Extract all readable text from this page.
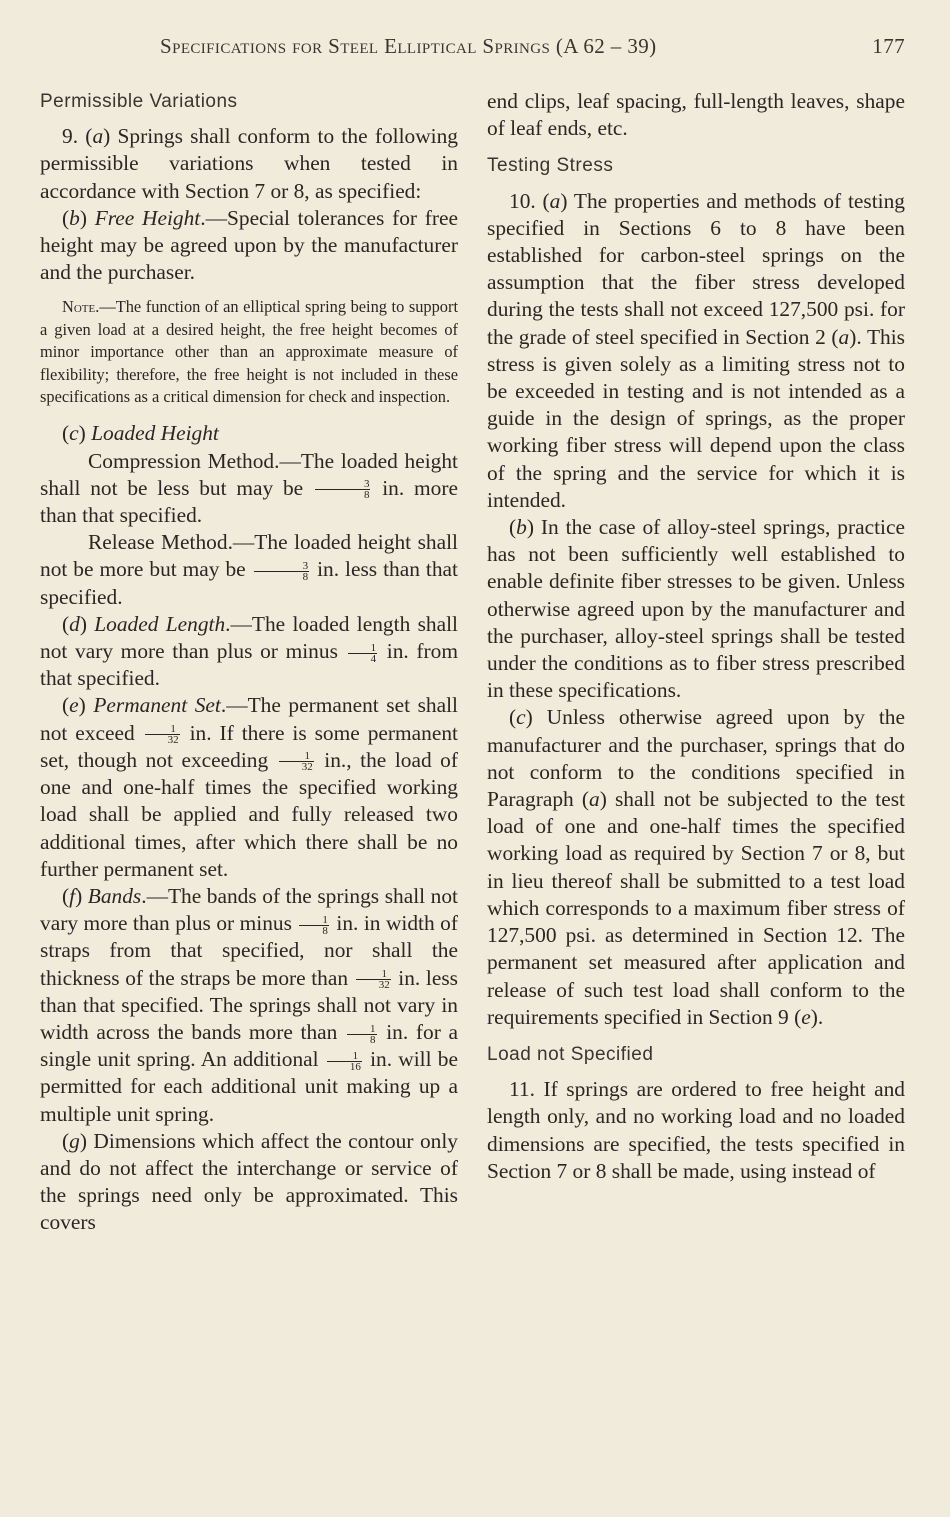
Specifications for Steel Elliptical Springs (A 62 – 39)	177
Permissible Variations

9. (a) Springs shall conform to the following permissible variations when tested in accordance with Section 7 or 8, as specified:

(b) Free Height.—Special tolerances for free height may be agreed upon by the manufacturer and the purchaser.

Note.—The function of an elliptical spring being to support a given load at a desired height, the free height becomes of minor importance other than an approximate measure of flexibility; therefore, the free height is not included in these specifications as a critical dimension for check and inspection.

(c) Loaded Height

Compression Method.—The loaded height shall not be less but may be $\frac{3}{8}$ in. more than that specified.

Release Method.—The loaded height shall not be more but may be $\frac{3}{8}$ in. less than that specified.

(d) Loaded Length.—The loaded length shall not vary more than plus or minus $\frac{1}{4}$ in. from that specified.

(e) Permanent Set.—The permanent set shall not exceed $\frac{1}{32}$ in. If there is some permanent set, though not exceeding $\frac{1}{32}$ in., the load of one and one-half times the specified working load shall be applied and fully released two additional times, after which there shall be no further permanent set.

(f) Bands.—The bands of the springs shall not vary more than plus or minus $\frac{1}{8}$ in. in width of straps from that specified, nor shall the thickness of the straps be more than $\frac{1}{32}$ in. less than that specified. The springs shall not vary in width across the bands more than $\frac{1}{8}$ in. for a single unit spring. An additional $\frac{1}{16}$ in. will be permitted for each additional unit making up a multiple unit spring.

(g) Dimensions which affect the contour only and do not affect the interchange or service of the springs need only be approximated. This covers

end clips, leaf spacing, full-length leaves, shape of leaf ends, etc.

Testing Stress

10. (a) The properties and methods of testing specified in Sections 6 to 8 have been established for carbon-steel springs on the assumption that the fiber stress developed during the tests shall not exceed 127,500 psi. for the grade of steel specified in Section 2 (a). This stress is given solely as a limiting stress not to be exceeded in testing and is not intended as a guide in the design of springs, as the proper working fiber stress will depend upon the class of the spring and the service for which it is intended.

(b) In the case of alloy-steel springs, practice has not been sufficiently well established to enable definite fiber stresses to be given. Unless otherwise agreed upon by the manufacturer and the purchaser, alloy-steel springs shall be tested under the conditions as to fiber stress prescribed in these specifications.

(c) Unless otherwise agreed upon by the manufacturer and the purchaser, springs that do not conform to the conditions specified in Paragraph (a) shall not be subjected to the test load of one and one-half times the specified working load as required by Section 7 or 8, but in lieu thereof shall be submitted to a test load which corresponds to a maximum fiber stress of 127,500 psi. as determined in Section 12. The permanent set measured after application and release of such test load shall conform to the requirements specified in Section 9 (e).

Load not Specified

11. If springs are ordered to free height and length only, and no working load and no loaded dimensions are specified, the tests specified in Section 7 or 8 shall be made, using instead of
